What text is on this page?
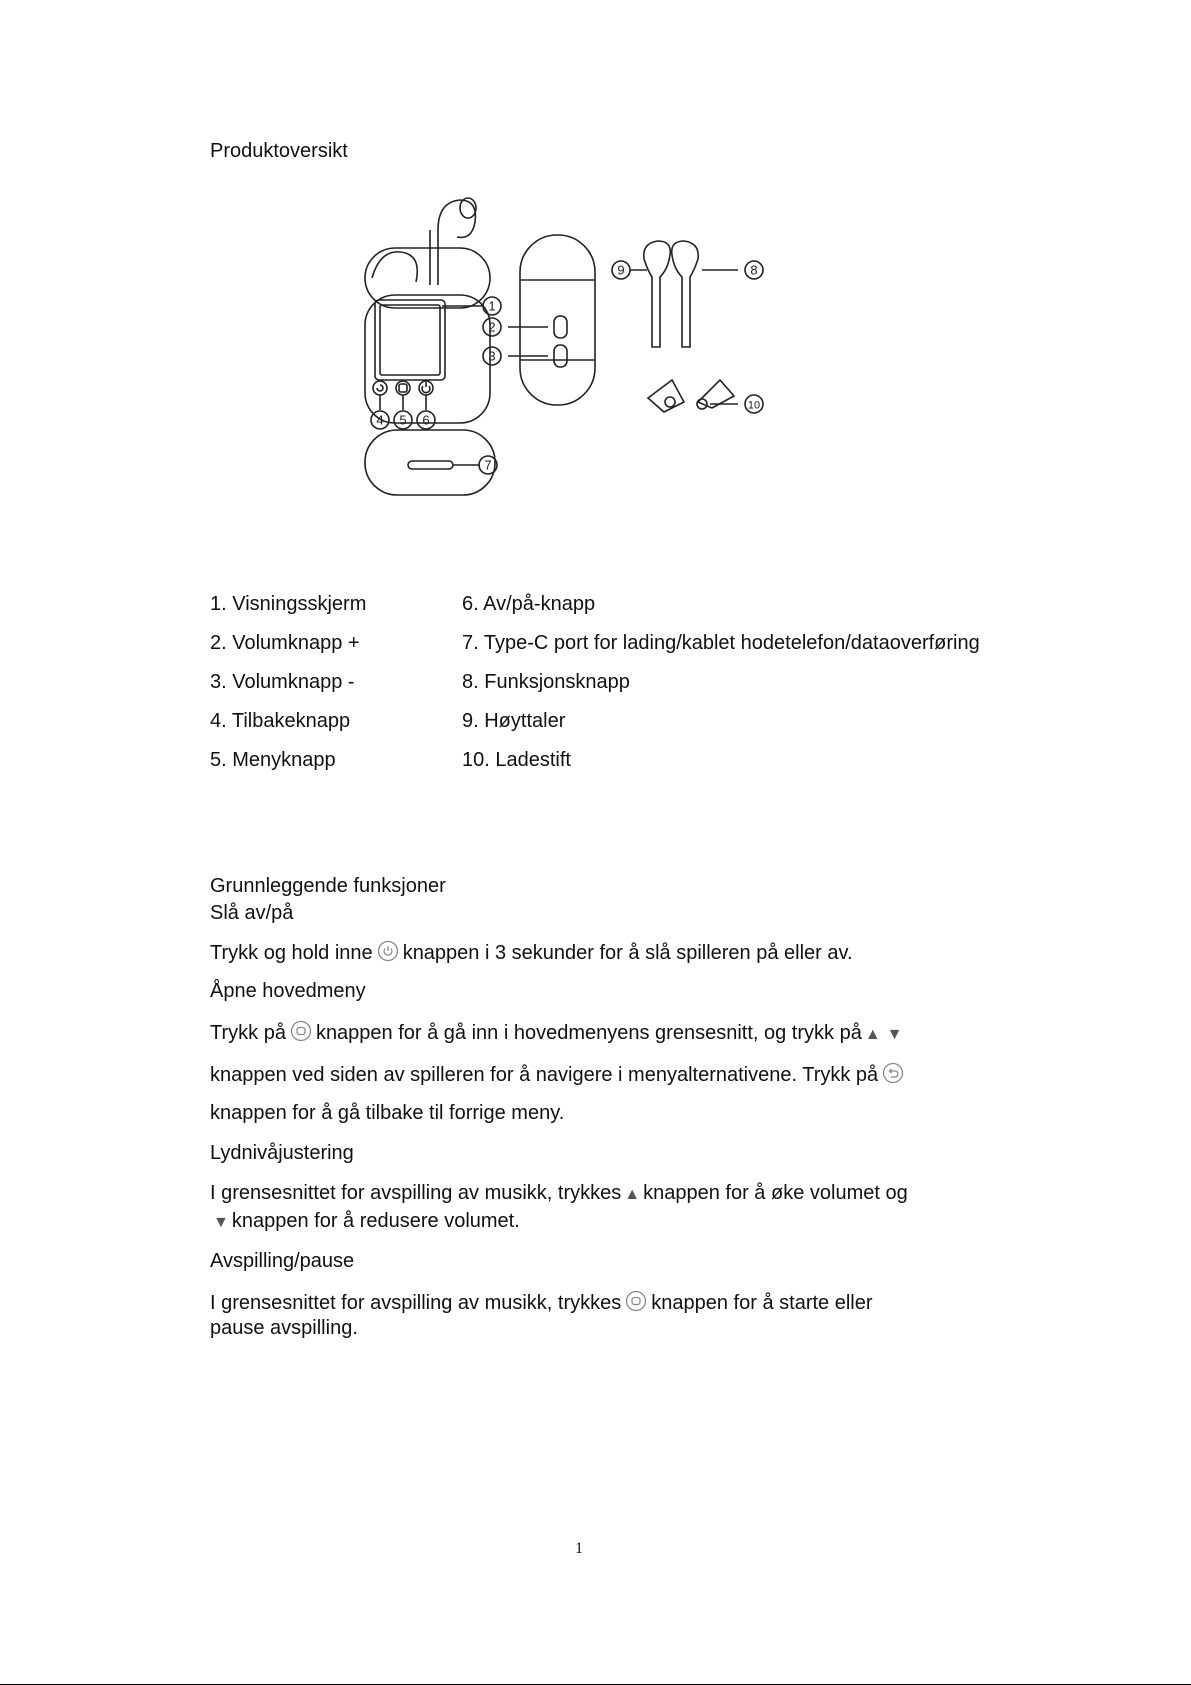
Produktoversikt
1
2
3
4 5 6
7
8
9
10
1. Visningsskjerm
2. Volumknapp +
3. Volumknapp -
4. Tilbakeknapp
5. Menyknapp
6. Av/på-knapp
7. Type-C port for lading/kablet hodetelefon/dataoverføring
8. Funksjonsknapp
9. Høyttaler
10. Ladestift
Grunnleggende funksjoner
Slå av/på
Trykk og hold inne knappen i 3 sekunder for å slå spilleren på eller av.
Åpne hovedmeny
Trykk på knappen for å gå inn i hovedmenyens grensesnitt, og trykk på ▲ ▼
knappen ved siden av spilleren for å navigere i menyalternativene. Trykk på
knappen for å gå tilbake til forrige meny.
Lydnivåjustering
I grensesnittet for avspilling av musikk, trykkes ▲ knappen for å øke volumet og
▼ knappen for å redusere volumet.
Avspilling/pause
I grensesnittet for avspilling av musikk, trykkes knappen for å starte eller
pause avspilling.
1
